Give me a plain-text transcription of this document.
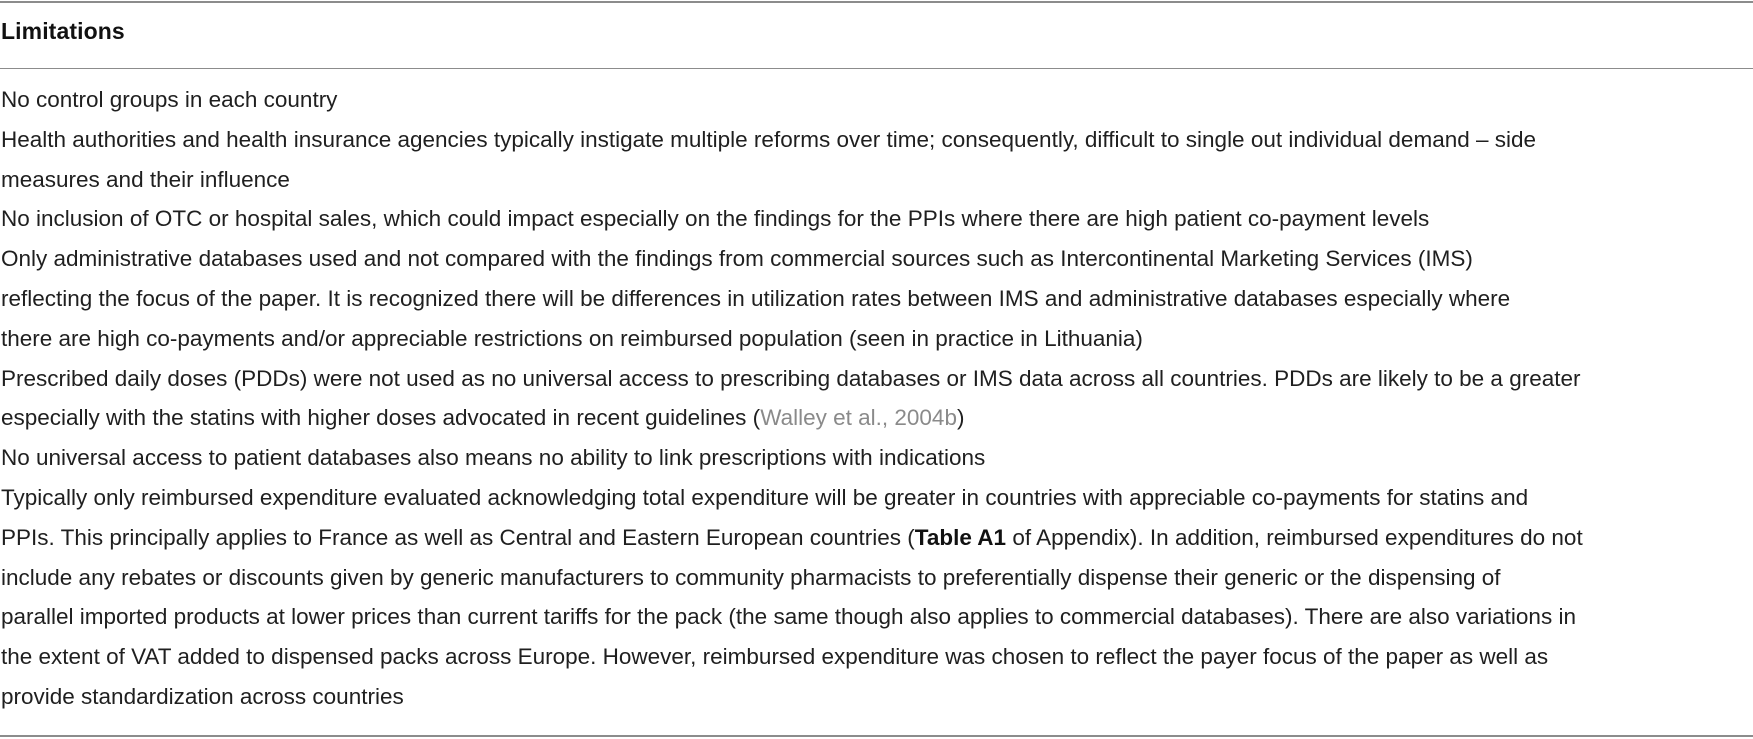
Limitations
No control groups in each country
Health authorities and health insurance agencies typically instigate multiple reforms over time; consequently, difficult to single out individual demand – side
measures and their influence
No inclusion of OTC or hospital sales, which could impact especially on the findings for the PPIs where there are high patient co-payment levels
Only administrative databases used and not compared with the findings from commercial sources such as Intercontinental Marketing Services (IMS)
reflecting the focus of the paper. It is recognized there will be differences in utilization rates between IMS and administrative databases especially where
there are high co-payments and/or appreciable restrictions on reimbursed population (seen in practice in Lithuania)
Prescribed daily doses (PDDs) were not used as no universal access to prescribing databases or IMS data across all countries. PDDs are likely to be a greater
especially with the statins with higher doses advocated in recent guidelines (Walley et al., 2004b)
No universal access to patient databases also means no ability to link prescriptions with indications
Typically only reimbursed expenditure evaluated acknowledging total expenditure will be greater in countries with appreciable co-payments for statins and
PPIs. This principally applies to France as well as Central and Eastern European countries (Table A1 of Appendix). In addition, reimbursed expenditures do not
include any rebates or discounts given by generic manufacturers to community pharmacists to preferentially dispense their generic or the dispensing of
parallel imported products at lower prices than current tariffs for the pack (the same though also applies to commercial databases). There are also variations in
the extent of VAT added to dispensed packs across Europe. However, reimbursed expenditure was chosen to reflect the payer focus of the paper as well as
provide standardization across countries
